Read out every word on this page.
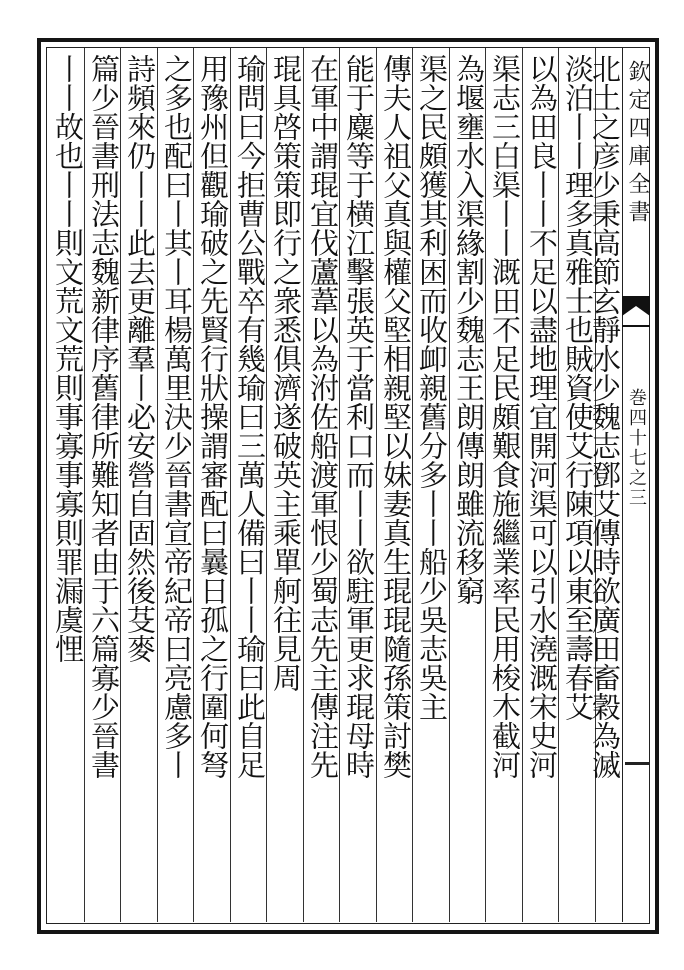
欽定四庫全書
巻四十七之三
北土之彦少秉高節玄靜水少魏志鄧艾傳時欲廣田畜穀為滅
淡泊丨丨理多真雅士也賊資使艾行陳項以東至壽春艾
以為田良丨丨不足以盡地理宜開河渠可以引水澆溉宋史河
渠志三白渠丨丨溉田不足民頗艱食施繼業率民用梭木截河
為堰壅水入渠緣割少魏志王朗傳朗雖流移窮
渠之民頗獲其利困而收卹親舊分多丨丨船少吳志吳主
傳夫人祖父真與權父堅相親堅以妹妻真生琨琨隨孫策討樊
能于麋等于横江擊張英于當利口而丨丨欲駐軍更求琨母時
在軍中謂琨宜伐蘆葦以為泭佐船渡軍恨少蜀志先主傳注先
琨具啓策策即行之衆悉俱濟遂破英主乘單舸往見周
瑜問曰今拒曹公戰卒有幾瑜曰三萬人備曰丨丨瑜曰此自足
用豫州但觀瑜破之先賢行狀操謂審配曰曩日孤之行圍何弩
之多也配曰丨其丨耳楊萬里決少晉書宣帝紀帝曰亮慮多丨
詩頻來仍丨丨此去更離羣丨必安營自固然後芟麥
篇少晉書刑法志魏新律序舊律所難知者由于六篇寡少晉書
丨丨故也丨丨則文荒文荒則事寡事寡則罪漏虞悝
